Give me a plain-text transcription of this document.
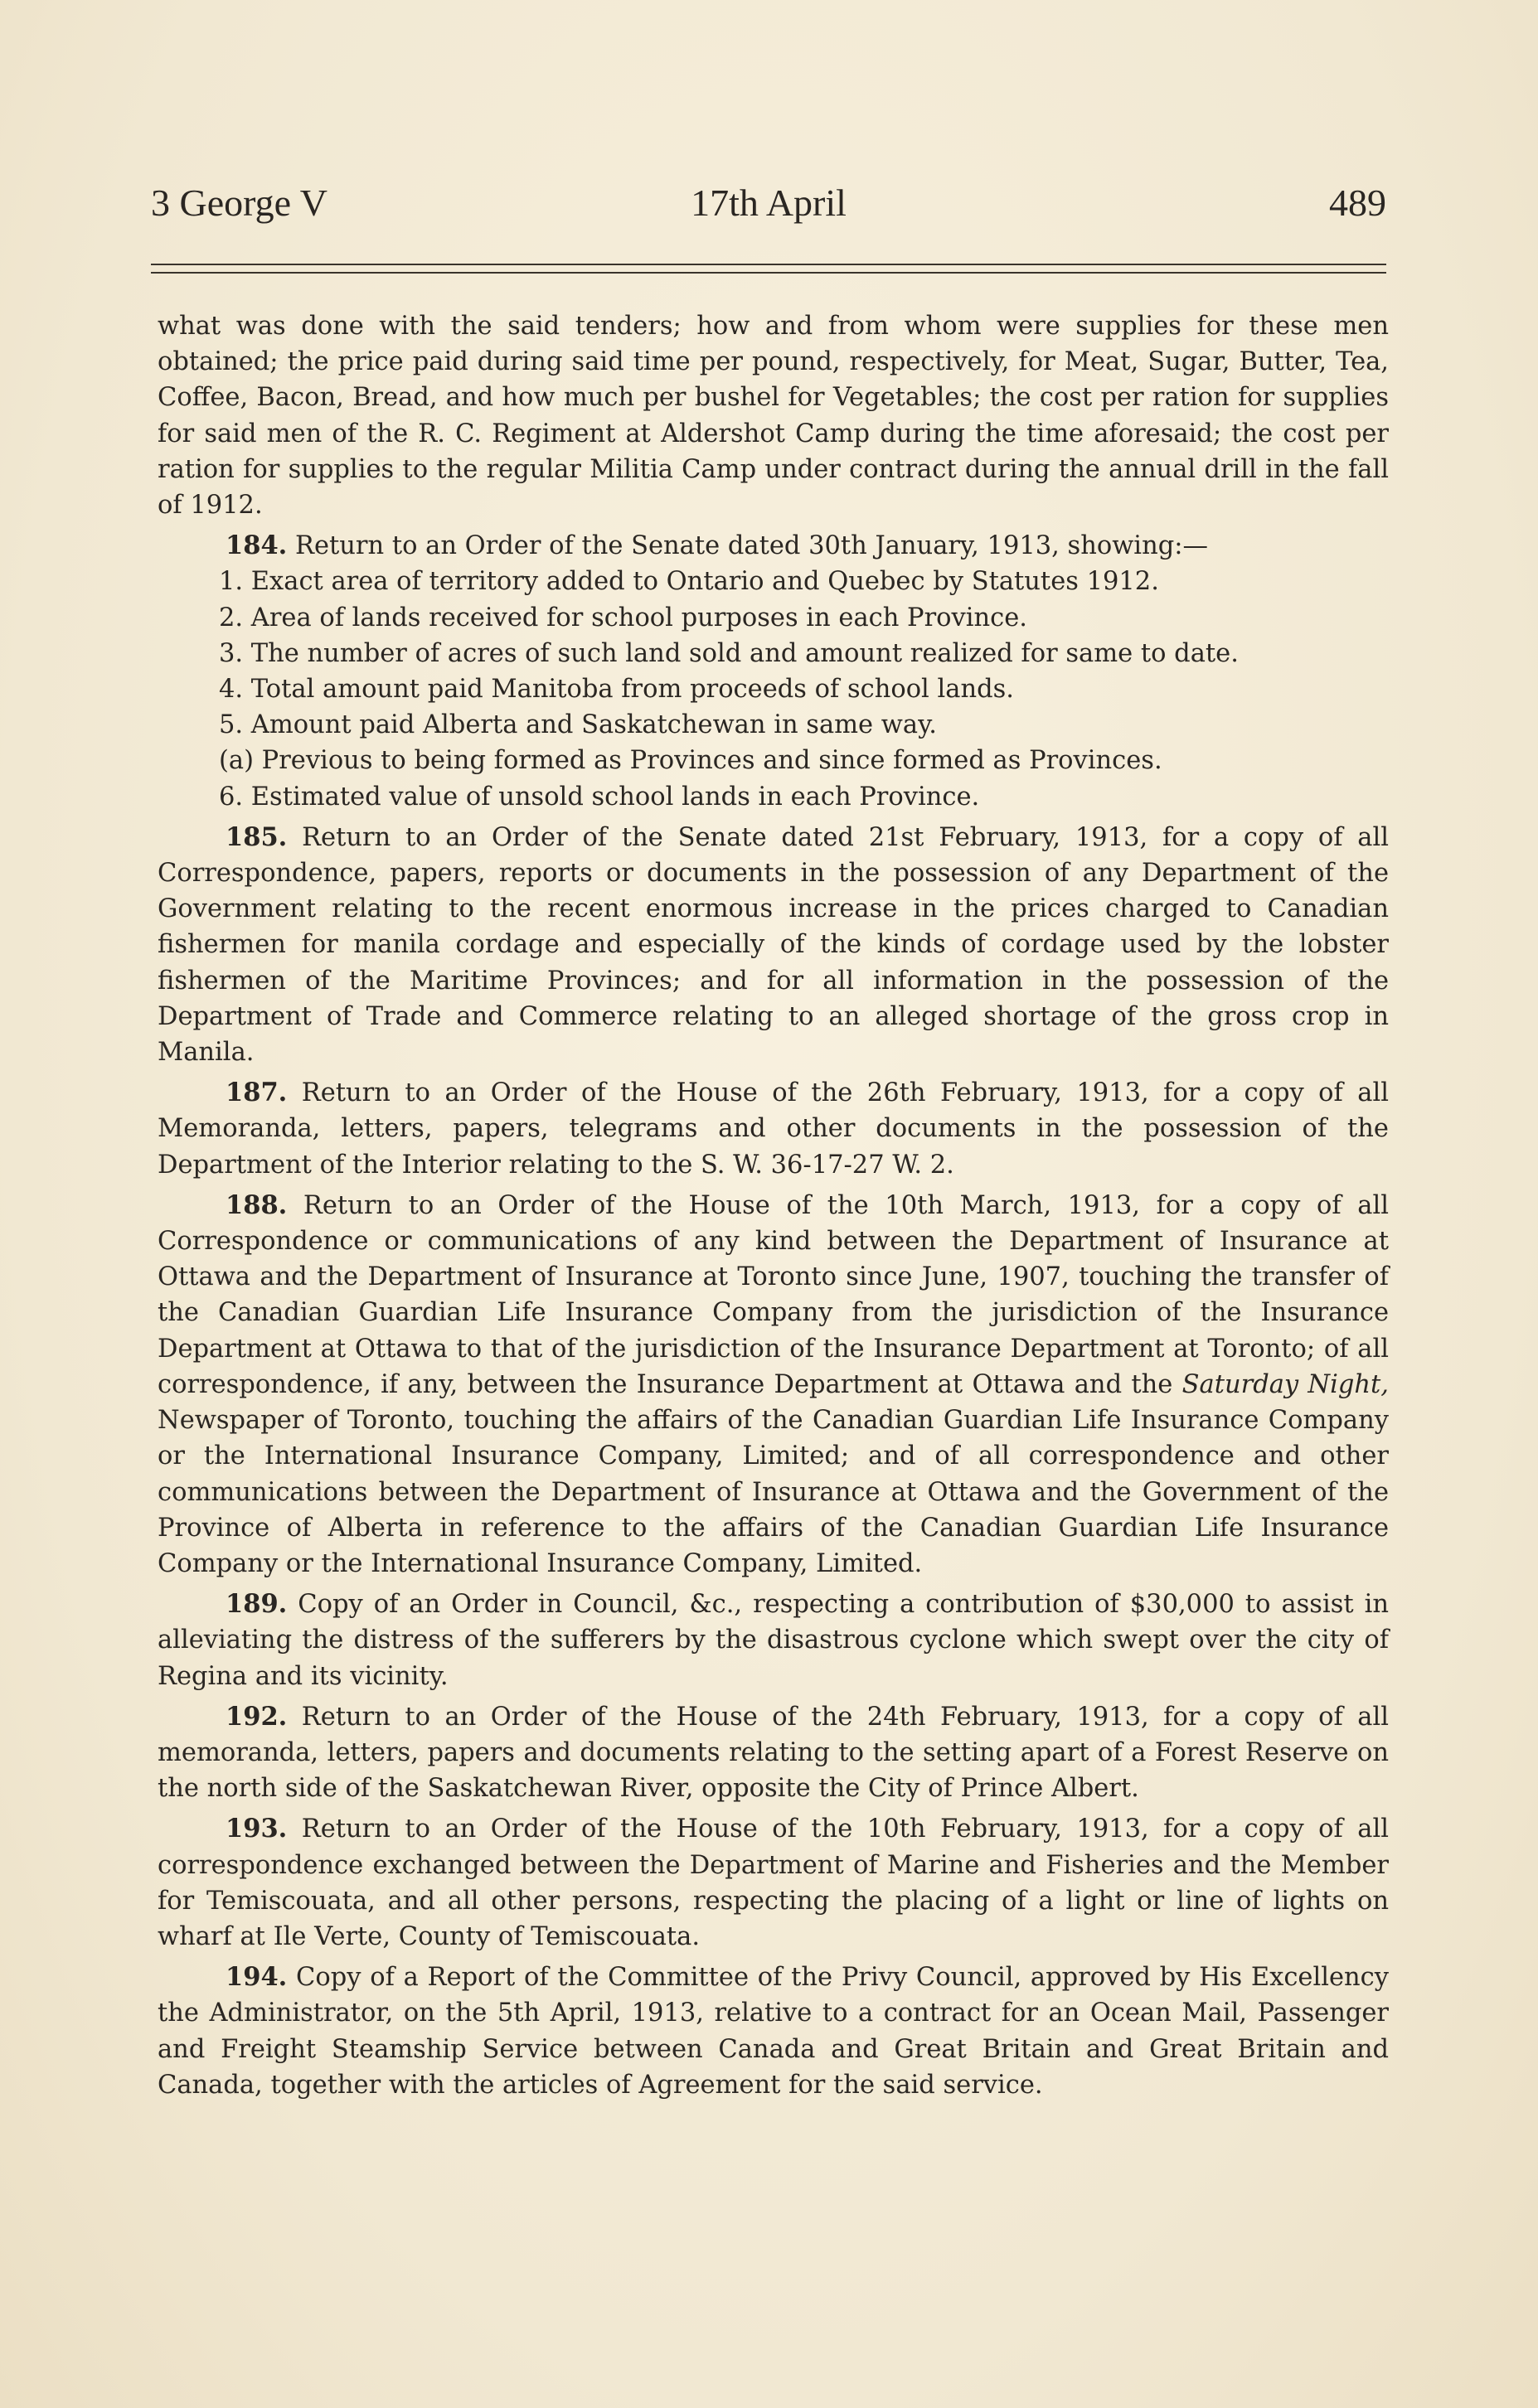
3 George V	17th April	489

what was done with the said tenders; how and from whom were supplies for these men obtained; the price paid during said time per pound, respectively, for Meat, Sugar, Butter, Tea, Coffee, Bacon, Bread, and how much per bushel for Vegetables; the cost per ration for supplies for said men of the R. C. Regiment at Aldershot Camp during the time aforesaid; the cost per ration for supplies to the regular Militia Camp under contract during the annual drill in the fall of 1912.

184. Return to an Order of the Senate dated 30th January, 1913, showing:—

1. Exact area of territory added to Ontario and Quebec by Statutes 1912.

2. Area of lands received for school purposes in each Province.

3. The number of acres of such land sold and amount realized for same to date.

4. Total amount paid Manitoba from proceeds of school lands.

5. Amount paid Alberta and Saskatchewan in same way.

(a) Previous to being formed as Provinces and since formed as Provinces.

6. Estimated value of unsold school lands in each Province.

185. Return to an Order of the Senate dated 21st February, 1913, for a copy of all Correspondence, papers, reports or documents in the possession of any Department of the Government relating to the recent enormous increase in the prices charged to Canadian fishermen for manila cordage and especially of the kinds of cordage used by the lobster fishermen of the Maritime Provinces; and for all information in the possession of the Department of Trade and Commerce relating to an alleged shortage of the gross crop in Manila.

187. Return to an Order of the House of the 26th February, 1913, for a copy of all Memoranda, letters, papers, telegrams and other documents in the possession of the Department of the Interior relating to the S. W. 36-17-27 W. 2.

188. Return to an Order of the House of the 10th March, 1913, for a copy of all Correspondence or communications of any kind between the Department of Insurance at Ottawa and the Department of Insurance at Toronto since June, 1907, touching the transfer of the Canadian Guardian Life Insurance Company from the jurisdiction of the Insurance Department at Ottawa to that of the jurisdiction of the Insurance Department at Toronto; of all correspondence, if any, between the Insurance Department at Ottawa and the Saturday Night, Newspaper of Toronto, touching the affairs of the Canadian Guardian Life Insurance Company or the International Insurance Company, Limited; and of all correspondence and other communications between the Department of Insurance at Ottawa and the Government of the Province of Alberta in reference to the affairs of the Canadian Guardian Life Insurance Company or the International Insurance Company, Limited.

189. Copy of an Order in Council, &c., respecting a contribution of $30,000 to assist in alleviating the distress of the sufferers by the disastrous cyclone which swept over the city of Regina and its vicinity.

192. Return to an Order of the House of the 24th February, 1913, for a copy of all memoranda, letters, papers and documents relating to the setting apart of a Forest Reserve on the north side of the Saskatchewan River, opposite the City of Prince Albert.

193. Return to an Order of the House of the 10th February, 1913, for a copy of all correspondence exchanged between the Department of Marine and Fisheries and the Member for Temiscouata, and all other persons, respecting the placing of a light or line of lights on wharf at Ile Verte, County of Temiscouata.

194. Copy of a Report of the Committee of the Privy Council, approved by His Excellency the Administrator, on the 5th April, 1913, relative to a contract for an Ocean Mail, Passenger and Freight Steamship Service between Canada and Great Britain and Great Britain and Canada, together with the articles of Agreement for the said service.
